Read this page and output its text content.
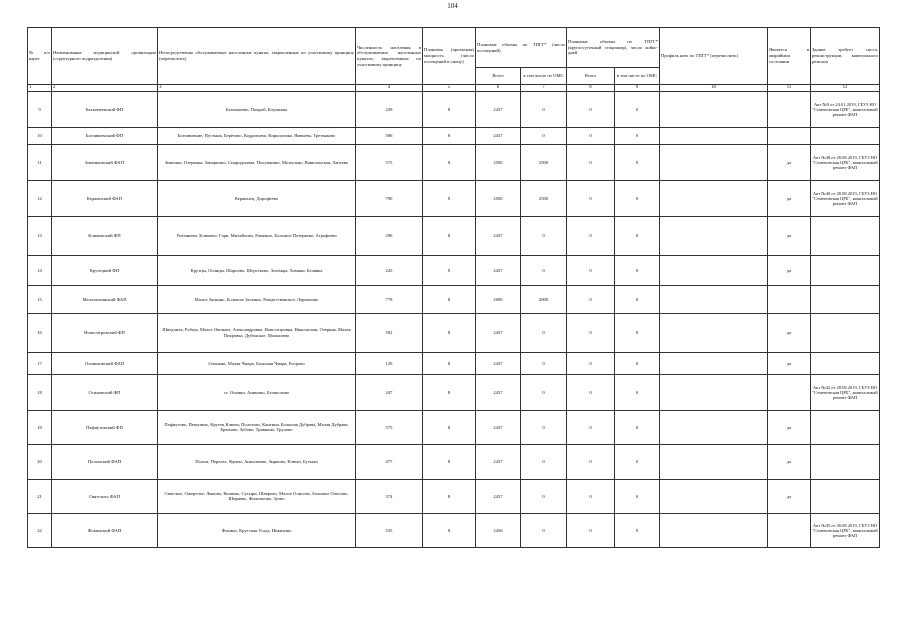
104
№ п/п карте	Наименование медицинской организации (структурного подразделения)	Непосредственно обслуживаемые населенные пункты, закрепленные по участковому принципу (перечислить)	Численность населения в обслуживаемых населенных пунктах, закрепленных по участковому принципу	Плановая (проектная) мощность (число посещений в смену)	Плановые объемы по ТПГГ* (число посещений)		Плановые объемы по ТПГГ* (круглосуточный стационар), число койко-дней		Профиль коек по ТПГГ* (перечислить)	Является в аварийном состоянии	Здание требует сноса, реконструкции, капитального ремонта
					Всего	в том числе по ОМС	Всего	в том числе по ОМС			
1	2	3	4	5	6	7	8	9	10	11	12
9	Бахмачеевский ФП	Бахмачеево, Покрой, Клушины	229	8	2437	0	0	0			Акт №9 от 24.01.2019, ГБУЗ НО "Семеновская ЦРБ", капитальный ремонт ФАП
10	Богоявленский ФП	Богоявление, Пустынь, Берёзово, Кодратьево, Кирилловка, Яменево, Третьяково	586	8	2437	0	0	0			
11	Зименковский ФАП	Зименки, Озерянка, Заморкино, Спиридонова, Полушкино, Мотыльно, Вавилонская, Лаптево	575	8	2500	2500	0	0		да	Акт №48 от 28.08.2019, ГБУЗ НО "Семеновская ЦРБ", капитальный ремонт ФАП
12	Керженский ФАП	Керженец, Дорофеево	790	8	2500	2500	0	0		да	Акт №40 от 28.08.2019, ГБУЗ НО "Семеновская ЦРБ", капитальный ремонт ФАП
13	Климовский ФП	Унтеннево, Климово, Гари, Михайлово, Раменно, Большое Потеряево, Агрофеево	296	8	2437	0	0	0		да	
14	Крутецкий ФП	Крутцы, Осинцы, Шарпово, Шерстково, Зеленцы, Хомяки, Белявка	243	8	2437	0	0	0		да	
15	Малозаскинский ФАП	Малое Заскино, Большое Заскино, Рождественское, Ларионово	778	8	2000	2000	0	0			
16	Новоситровский ФП	Шведчиха, Рубцы, Малое Овсяное, Александровка, Новоситровка, Никольская, Озерная, Малая Покровка, Дубенское, Малышево	502	8	2437	0	0	0		да	
17	Олоньковский ФАП	Олоньки, Малая Чмара, Большая Чмара, Егорово	129	8	2437	0	0	0		да	
18	Осиновский ФП	ст. Осинки, Аникино, Безносково	247	8	2437	0	0	0			Акт №42 от 28.08.2019, ГБУЗ НО "Семеновская ЦРБ", капитальный ремонт ФАП
19	Пафнутовский ФП	Пафнутово, Пекунино, Крутец Ключи, Полозово, Кантина, Большая Дубрава, Малая Дубрава, Брюхово, Зубово, Травкино, Трухово	575	8	2437	0	0	0		да	
20	Поломский ФАП	Полом, Перелаз, Ядовы, Анисимово, Зырково, Ключи, Бутыли	477	8	2437	0	0	0		да	
21	Святского ФАП	Святское, Ожерелье, Лыково, Кошино, Сутыри, Шаврово, Малое Олисово, Большое Олисово, Ширяево, Филиппово, Зуево	374	8	2437	0	0	0		да	
22	Фокинский ФАП	Фокино, Крутская Усадь, Никитино	535	8	2456	0	0	0			Акт №45 от 30.08.2019, ГБУЗ НО "Семеновская ЦРБ", капитальный ремонт ФАП
